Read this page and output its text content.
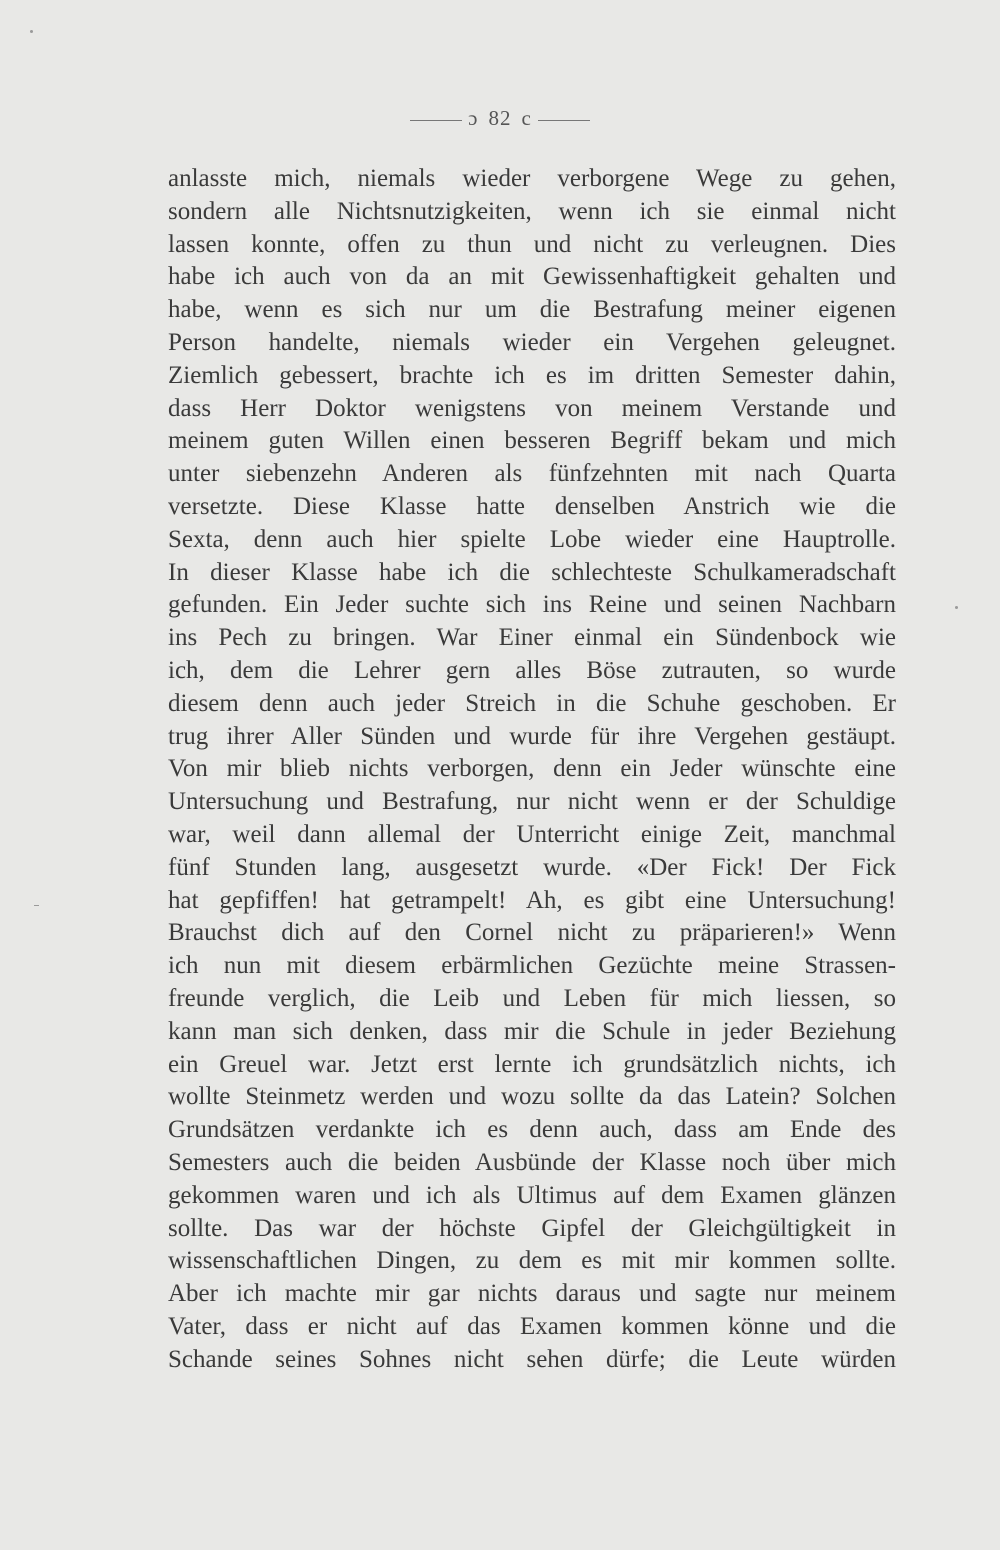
ɔ 82 c
anlasste mich, niemals wieder verborgene Wege zu gehen,
sondern alle Nichtsnutzigkeiten, wenn ich sie einmal nicht
lassen konnte, offen zu thun und nicht zu verleugnen. Dies
habe ich auch von da an mit Gewissenhaftigkeit gehalten und
habe, wenn es sich nur um die Bestrafung meiner eigenen
Person handelte, niemals wieder ein Vergehen geleugnet.
Ziemlich gebessert, brachte ich es im dritten Semester dahin,
dass Herr Doktor wenigstens von meinem Verstande und
meinem guten Willen einen besseren Begriff bekam und mich
unter siebenzehn Anderen als fünfzehnten mit nach Quarta
versetzte. Diese Klasse hatte denselben Anstrich wie die
Sexta, denn auch hier spielte Lobe wieder eine Hauptrolle.
In dieser Klasse habe ich die schlechteste Schulkameradschaft
gefunden. Ein Jeder suchte sich ins Reine und seinen Nachbarn
ins Pech zu bringen. War Einer einmal ein Sündenbock wie
ich, dem die Lehrer gern alles Böse zutrauten, so wurde
diesem denn auch jeder Streich in die Schuhe geschoben. Er
trug ihrer Aller Sünden und wurde für ihre Vergehen gestäupt.
Von mir blieb nichts verborgen, denn ein Jeder wünschte eine
Untersuchung und Bestrafung, nur nicht wenn er der Schuldige
war, weil dann allemal der Unterricht einige Zeit, manchmal
fünf Stunden lang, ausgesetzt wurde. «Der Fick! Der Fick
hat gepfiffen! hat getrampelt! Ah, es gibt eine Untersuchung!
Brauchst dich auf den Cornel nicht zu präparieren!» Wenn
ich nun mit diesem erbärmlichen Gezüchte meine Strassen-
freunde verglich, die Leib und Leben für mich liessen, so
kann man sich denken, dass mir die Schule in jeder Beziehung
ein Greuel war. Jetzt erst lernte ich grundsätzlich nichts, ich
wollte Steinmetz werden und wozu sollte da das Latein? Solchen
Grundsätzen verdankte ich es denn auch, dass am Ende des
Semesters auch die beiden Ausbünde der Klasse noch über mich
gekommen waren und ich als Ultimus auf dem Examen glänzen
sollte. Das war der höchste Gipfel der Gleichgültigkeit in
wissenschaftlichen Dingen, zu dem es mit mir kommen sollte.
Aber ich machte mir gar nichts daraus und sagte nur meinem
Vater, dass er nicht auf das Examen kommen könne und die
Schande seines Sohnes nicht sehen dürfe; die Leute würden
